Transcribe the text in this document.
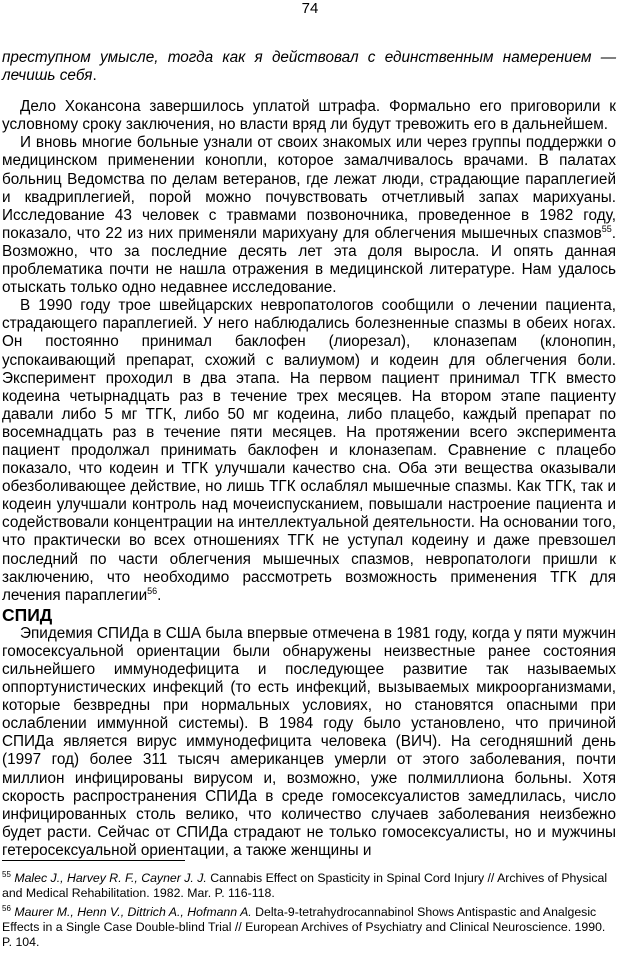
74

преступном умысле, тогда как я действовал с единственным намерением — лечишь себя.

Дело Хокансона завершилось уплатой штрафа. Формально его приговорили к условному сроку заключения, но власти вряд ли будут тревожить его в дальнейшем.

И вновь многие больные узнали от своих знакомых или через группы поддержки о медицинском применении конопли, которое замалчивалось врачами. В палатах больниц Ведомства по делам ветеранов, где лежат люди, страдающие параплегией и квадриплегией, порой можно почувствовать отчетливый запах марихуаны. Исследование 43 человек с травмами позвоночника, проведенное в 1982 году, показало, что 22 из них применяли марихуану для облегчения мышечных спазмов$^{55}$. Возможно, что за последние десять лет эта доля выросла. И опять данная проблематика почти не нашла отражения в медицинской литературе. Нам удалось отыскать только одно недавнее исследование.

В 1990 году трое швейцарских невропатологов сообщили о лечении пациента, страдающего параплегией. У него наблюдались болезненные спазмы в обеих ногах. Он постоянно принимал баклофен (лиорезал), клоназепам (клонопин, успокаивающий препарат, схожий с валиумом) и кодеин для облегчения боли. Эксперимент проходил в два этапа. На первом пациент принимал ТГК вместо кодеина четырнадцать раз в течение трех месяцев. На втором этапе пациенту давали либо 5 мг ТГК, либо 50 мг кодеина, либо плацебо, каждый препарат по восемнадцать раз в течение пяти месяцев. На протяжении всего эксперимента пациент продолжал принимать баклофен и клоназепам. Сравнение с плацебо показало, что кодеин и ТГК улучшали качество сна. Оба эти вещества оказывали обезболивающее действие, но лишь ТГК ослаблял мышечные спазмы. Как ТГК, так и кодеин улучшали контроль над мочеиспусканием, повышали настроение пациента и содействовали концентрации на интеллектуальной деятельности. На основании того, что практически во всех отношениях ТГК не уступал кодеину и даже превзошел последний по части облегчения мышечных спазмов, невропатологи пришли к заключению, что необходимо рассмотреть возможность применения ТГК для лечения параплегии$^{56}$.

СПИД

Эпидемия СПИДа в США была впервые отмечена в 1981 году, когда у пяти мужчин гомосексуальной ориентации были обнаружены неизвестные ранее состояния сильнейшего иммунодефицита и последующее развитие так называемых оппортунистических инфекций (то есть инфекций, вызываемых микроорганизмами, которые безвредны при нормальных условиях, но становятся опасными при ослаблении иммунной системы). В 1984 году было установлено, что причиной СПИДа является вирус иммунодефицита человека (ВИЧ). На сегодняшний день (1997 год) более 311 тысяч американцев умерли от этого заболевания, почти миллион инфицированы вирусом и, возможно, уже полмиллиона больны. Хотя скорость распространения СПИДа в среде гомосексуалистов замедлилась, число инфицированных столь велико, что количество случаев заболевания неизбежно будет расти. Сейчас от СПИДа страдают не только гомосексуалисты, но и мужчины гетеросексуальной ориентации, а также женщины и

$^{55}$ Malec J., Harvey R. F., Cayner J. J. Cannabis Effect on Spasticity in Spinal Cord Injury // Archives of Physical and Medical Rehabilitation. 1982. Mar. P. 116-118.

$^{56}$ Maurer M., Henn V., Dittrich A., Hofmann A. Delta-9-tetrahydrocannabinol Shows Antispastic and Analgesic Effects in a Single Case Double-blind Trial // European Archives of Psychiatry and Clinical Neuroscience. 1990. P. 104.
